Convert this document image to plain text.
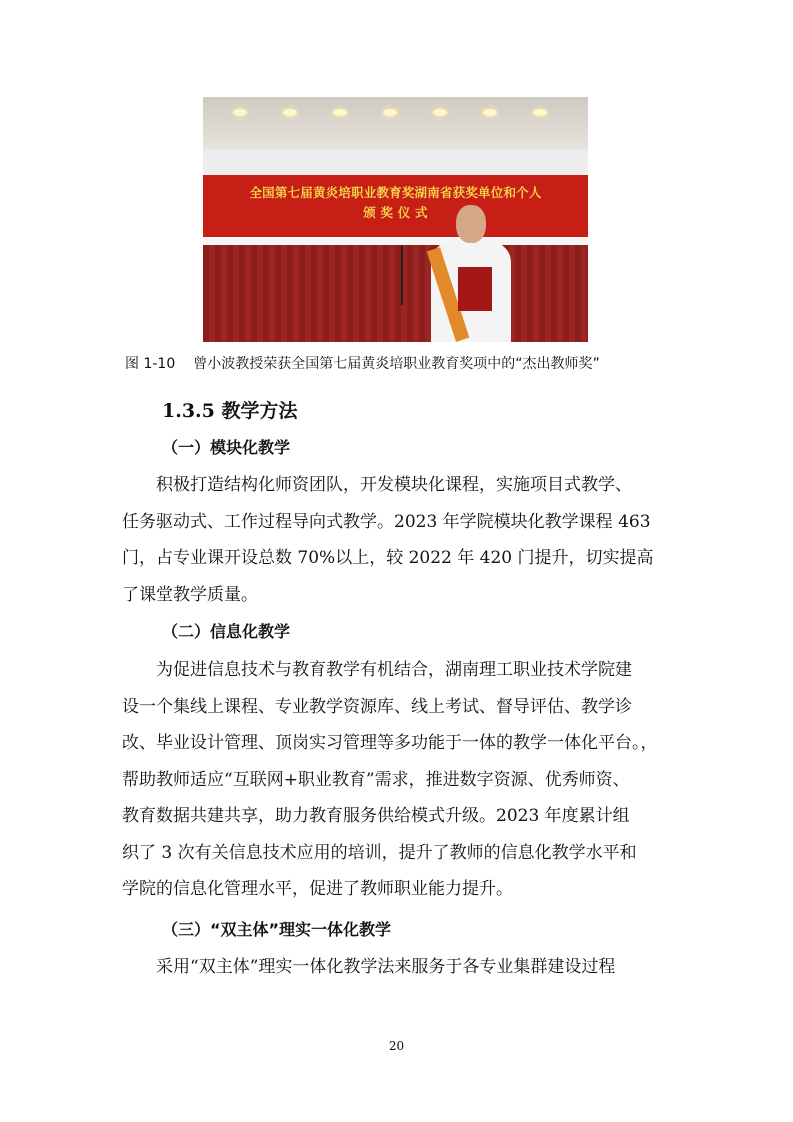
全国第七届黄炎培职业教育奖湖南省获奖单位和个人
颁 奖 仪 式
图 1-10 曾小波教授荣获全国第七届黄炎培职业教育奖项中的“杰出教师奖”
1.3.5 教学方法
（一）模块化教学
积极打造结构化师资团队，开发模块化课程，实施项目式教学、
任务驱动式、工作过程导向式教学。2023 年学院模块化教学课程 463
门，占专业课开设总数 70%以上，较 2022 年 420 门提升，切实提高
了课堂教学质量。
（二）信息化教学
为促进信息技术与教育教学有机结合，湖南理工职业技术学院建
设一个集线上课程、专业教学资源库、线上考试、督导评估、教学诊
改、毕业设计管理、顶岗实习管理等多功能于一体的教学一体化平台。，
帮助教师适应“互联网+职业教育”需求，推进数字资源、优秀师资、
教育数据共建共享，助力教育服务供给模式升级。2023 年度累计组
织了 3 次有关信息技术应用的培训，提升了教师的信息化教学水平和
学院的信息化管理水平，促进了教师职业能力提升。
（三）“双主体”理实一体化教学
采用“双主体”理实一体化教学法来服务于各专业集群建设过程
20
